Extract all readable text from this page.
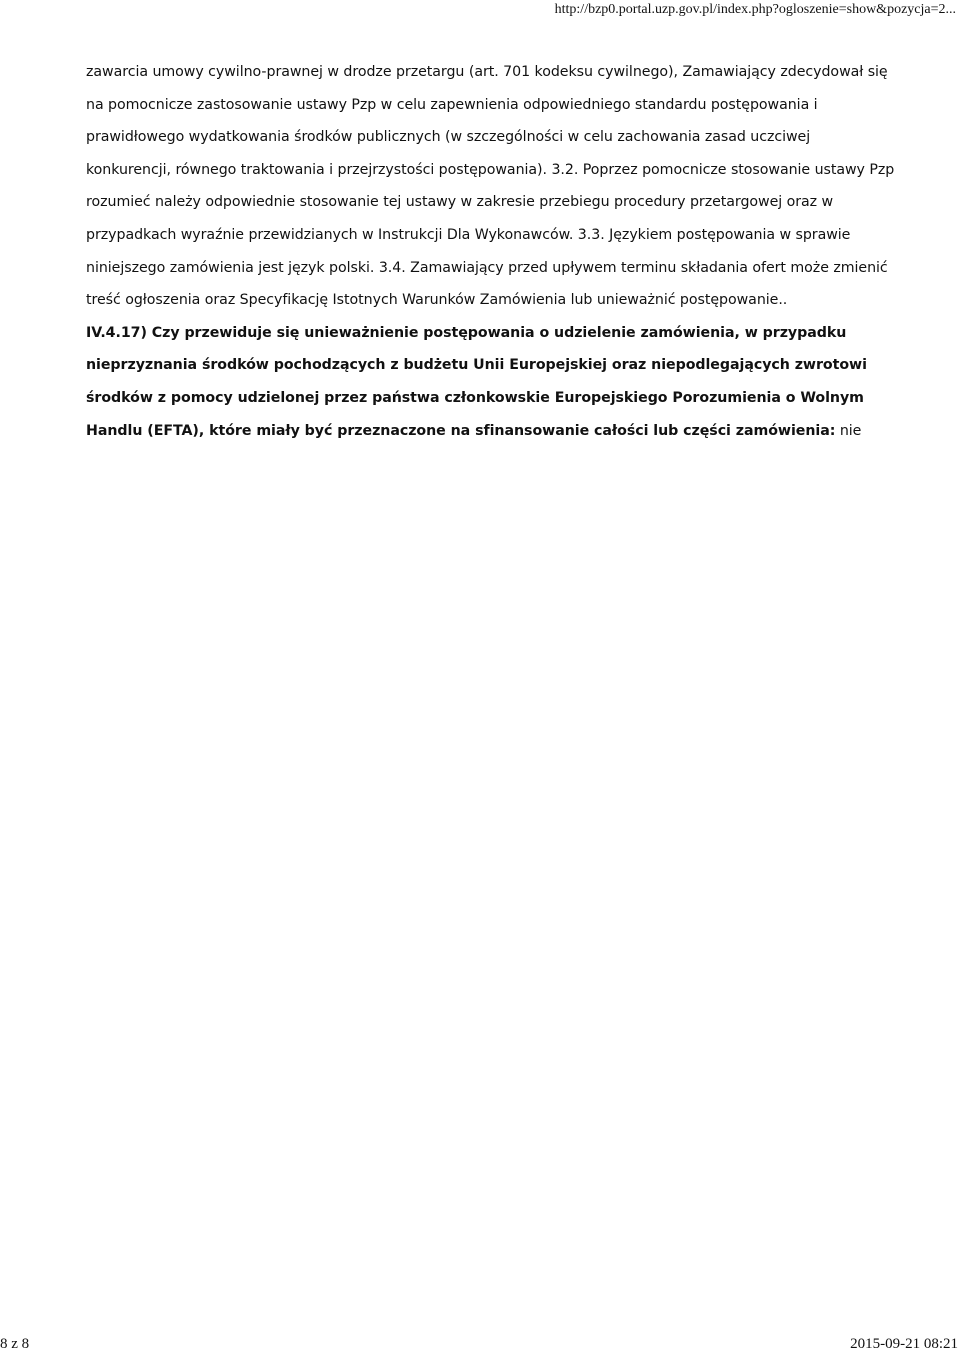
http://bzp0.portal.uzp.gov.pl/index.php?ogloszenie=show&pozycja=2...

zawarcia umowy cywilno-prawnej w drodze przetargu (art. 701 kodeksu cywilnego), Zamawiający zdecydował się na pomocnicze zastosowanie ustawy Pzp w celu zapewnienia odpowiedniego standardu postępowania i prawidłowego wydatkowania środków publicznych (w szczególności w celu zachowania zasad uczciwej konkurencji, równego traktowania i przejrzystości postępowania). 3.2. Poprzez pomocnicze stosowanie ustawy Pzp rozumieć należy odpowiednie stosowanie tej ustawy w zakresie przebiegu procedury przetargowej oraz w przypadkach wyraźnie przewidzianych w Instrukcji Dla Wykonawców. 3.3. Językiem postępowania w sprawie niniejszego zamówienia jest język polski. 3.4. Zamawiający przed upływem terminu składania ofert może zmienić treść ogłoszenia oraz Specyfikację Istotnych Warunków Zamówienia lub unieważnić postępowanie..

IV.4.17) Czy przewiduje się unieważnienie postępowania o udzielenie zamówienia, w przypadku nieprzyznania środków pochodzących z budżetu Unii Europejskiej oraz niepodlegających zwrotowi środków z pomocy udzielonej przez państwa członkowskie Europejskiego Porozumienia o Wolnym Handlu (EFTA), które miały być przeznaczone na sfinansowanie całości lub części zamówienia: nie

8 z 8	2015-09-21 08:21
